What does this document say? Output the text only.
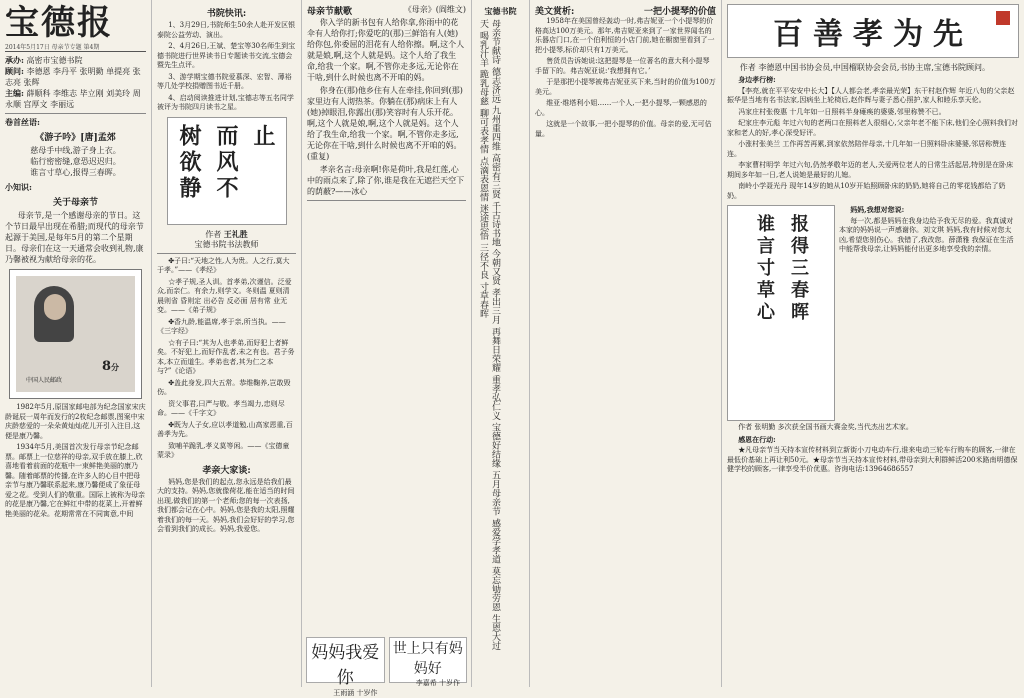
宝德报
2014年5月17日 母亲节专题 第4期
承办: 高密市宝德书院
顾问: 李德恩 李丹平 张明勤 单提亮 张志亮 张辉
主编: 薛顺科 李维志 毕立刚 刘美玲 周永顺 宫厚文 李丽远
卷首丝语:
《游子吟》[唐]孟郊
慈母手中线,游子身上衣。
临行密密缝,意恐迟迟归。
谁言寸草心,报得三春晖。
小知识:
关于母亲节

母亲节,是一个感谢母亲的节日。这个节日最早出现在希腊;而现代的母亲节起源于美国,是每年5月的第二个星期日。母亲们在这一天通常会收到礼物,康乃馨被视为献给母亲的花。

8分
中国人民邮政

1982年5月,原国家邮电部为纪念国家宋庆龄诞辰一周年而发行的2枚纪念邮票,图案中宋庆龄慈爱的一朵朵黄灿灿花儿开引入注目,这便是康乃馨。

1934年5月,美国首次发行母亲节纪念邮票。邮票上一位慈祥的母亲,双手放在膝上,欣喜地看着前面的花瓶中一束鲜艳美丽的康乃馨。随着邮票的传播,在许多人的心目中把母亲节与康乃馨联系起来,康乃馨便成了象征母爱之花。受到人们的敬重。国际上被称为母亲的花是康乃馨,它在鲜红中带的花菜上,开着鲜艳美丽的花朵。花期常常在不同寓意,中间

书院快讯:

1、3月29日,书院师生50余人赴开发区银泰院公益劳动、演出。

2、4月26日,王斌、楚宝等30名师生到宝德书院进行世界读书日专题读书交流,宝德会暨先生点评。

3、游学期宝德书院爱慕深、宏智、薄裕等几处学校捐赠图书近千册。

4、启动阅读推进计划,宝德志等五名同学被评为书院四月读书之星。

树欲静 而风不 止
作者 王礼胜
宝德书院书法教师

✤子曰:“天地之性,人为贵。人之行,莫大于孝。”——《孝经》

☆孝子规,圣人训。首孝弟,次谨信。泛爱众,而亲仁。有余力,则学文。冬则温 夏则清 晨则省 昏则定 出必告 反必面 居有常 业无变。——《弟子规》

✤香九龄,能温席,孝于亲,所当执。——《三字经》

☆有子曰:“其为人也孝弟,而好犯上者鲜矣。不好犯上,而好作乱者,未之有也。君子务本,本立而道生。孝弟也者,其为仁之本与?”《论语》

✤盖此身发,四大五常。恭维鞠养,岂敢毁伤。

资父事君,曰严与敬。孝当竭力,忠则尽命。——《千字文》

✤既为人子女,应以孝道勉,山高家恩重,百善孝为先。

致哺羊跪乳,孝义莫等闲。——《宝德童蒙录》

孝亲大家谈:

妈妈,您是我们的起点,您永远是给我们最大的支持。妈妈,您就像荷花,能在适当的时间出现,做我们的第一个老师;您的每一次表扬,我们都会记在心中。妈妈,您是我的太阳,照耀着我们的每一天。妈妈,我们会好好的学习,您会看到我们的成长。妈妈,我爱您。

母亲节献歌	《母亲》(阎维文)

你入学的新书包有人给你拿,你雨中的花伞有人给你打;你爱吃的(那)三鲜馅有人(她)给你包,你委屈的泪花有人给你擦。啊,这个人就是娘,啊,这个人就是妈。这个人给了我生命,给我一个家。啊,不管你走多远,无论你在干啥,到什么时候也离不开咱的妈。

你身在(那)他乡住有人在牵挂,你回到(那)家里边有人沏热茶。你躺在(那)病床上有人(她)掉眼泪,你露出(那)笑容时有人乐开花。啊,这个人就是娘,啊,这个人就是妈。这个人给了我生命,给我一个家。啊,不管你走多远,无论你在干啥,到什么时候也离不开咱的妈。(重复)

孝亲名言:母亲啊!你是荷叶,我是红莲,心中的雨点来了,除了你,谁是我在无遮拦天空下的荫蔽?——冰心

妈妈我爱你
王雨涵 十岁作
世上只有妈妈好
李嘉希 十岁作
宝德书院
母亲节献诗 德志济远 九州重四维 高密有三贤 千古诗书地 今朝又贤 孝出三月 再舞日荣耀 重孝弘仁义 宝德好结缘 五月母亲节 感爱学孝道 莫忘劬劳恩 生恩大过天 喝乳汁羊 跪乳母慈 聊可表孝情 点滴表恩情 迷途思悟 三径不良 寸草春晖
美文赏析:	一把小提琴的价值

1958年在美国曾经轰动一时,弗吉妮亚一个小提琴的价格高达100万美元。那年,弗吉妮亚来到了一家世界闻名的乐器店门口,在一个伯利恒的小店门前,她在橱窗里看到了一把小提琴,标价却只有1万美元。

售货员告诉她说:这把提琴是一位著名的意大利小提琴手留下的。弗吉妮亚说:‘我想拥有它。’

于是那把小提琴被弗吉妮亚买下来,当时的价值为100万美元。

维亚·维塔利小姐……一个人,一把小提琴,一颗感恩的心。

这就是一个故事,一把小提琴的价值。母亲的爱,无可估量。

百善孝为先

作者 李德恩中国书协会员,中国榴联协会会员,书协主席,宝德书院顾问。

身边孝行榜:

【李亮,就在平平安安中长大】【人人都会老,孝亲最光荣】东干村赵作辉 年近八旬的父亲赵振华是当地有名书法家,因病坐上轮椅后,赵作辉与妻子悉心照护,家人和睦乐享天伦。

冯家庄村张俊惠 十几年如一日照料半身瘫痪的婆婆,邻里称赞不已。

纪家庄李元彪 年过六旬的老两口在照料老人很细心,父亲年老不能下床,他们全心照料我们对家和老人的好,孝心深受好评。

小涨村张美兰 工作再苦再累,到家依然陪伴母亲,十几年如一日照料卧床婆婆,邻居称赞连连。

李家曹村明学 年过六旬,仍然孝敬年迈的老人,关爱两位老人的日常生活起居,特别是在卧床期间多年如一日,老人说她是最好的儿媳。

南岭小学聂光丹 现年14岁的她从10岁开始照顾卧床的奶奶,她将自己的零花钱都给了奶奶。

谁言寸草心 报得三春晖

妈妈,我想对您说:

每一次,都是妈妈在我身边给予我无尽的爱。我真诚对本家的妈妈说一声感谢你。刘文琪 妈妈,我有时候对您太凶,希望您别伤心。我错了,我改您。薛潇雅 我保证在生活中能帮我母亲,让妈妈能付出更多地享受我的亲情。

作者 张明勤 多次获全国书画大赛金奖,当代杰出艺术家。

感恩在行动:

★凡母亲节当天持本宣传材料到立新街小刀电动车行,谁来电动三轮车行购车的顾客,一律在最低价基础上再让利50元。★母亲节当天持本宣传材料,带母亲到大利群鲜活200米路南明德保健学校的顾客,一律享受半价优惠。咨询电话:13964686557
